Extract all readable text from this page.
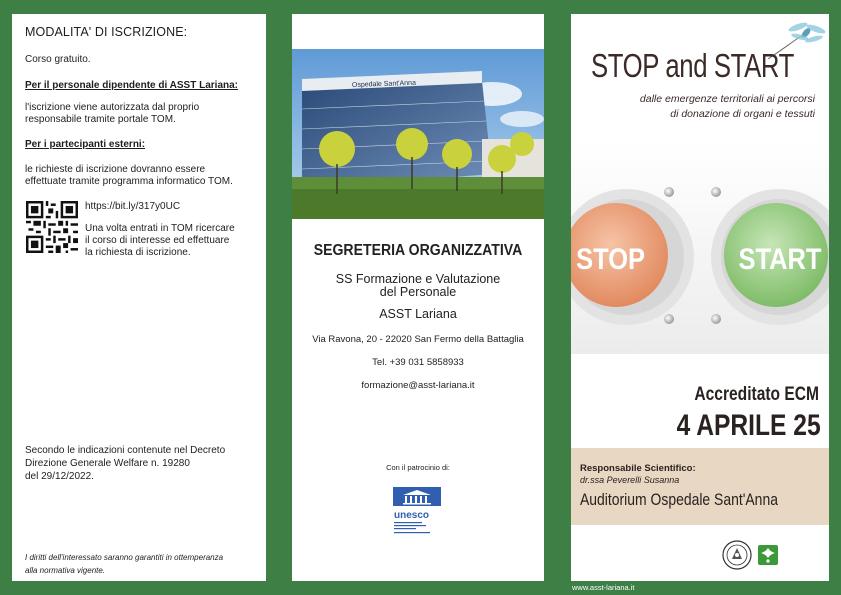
MODALITA' DI ISCRIZIONE:
Corso gratuito.
Per il personale dipendente di ASST Lariana:
l'iscrizione viene autorizzata dal proprio
responsabile tramite portale TOM.
Per i partecipanti esterni:
le richieste di iscrizione dovranno essere
effettuate tramite programma informatico TOM.
https://bit.ly/317y0UC
Una volta entrati in TOM ricercare
il corso di interesse ed effettuare
la richiesta di iscrizione.
Secondo le indicazioni contenute nel Decreto
Direzione Generale Welfare n. 19280
del 29/12/2022.
I diritti dell'interessato saranno garantiti in ottemperanza
alla normativa vigente.
Ospedale Sant'Anna
SEGRETERIA ORGANIZZATIVA
SS Formazione e Valutazione
del Personale
ASST Lariana
Via Ravona, 20 - 22020 San Fermo della Battaglia
Tel. +39 031 5858933
formazione@asst-lariana.it
Con il patrocinio di:
unesco
STOP and START
dalle emergenze territoriali ai percorsi
di donazione di organi e tessuti
STOP	START
Accreditato ECM
4 APRILE 25
Responsabile Scientifico:
dr.ssa Peverelli Susanna
Auditorium Ospedale Sant'Anna
www.asst-lariana.it
